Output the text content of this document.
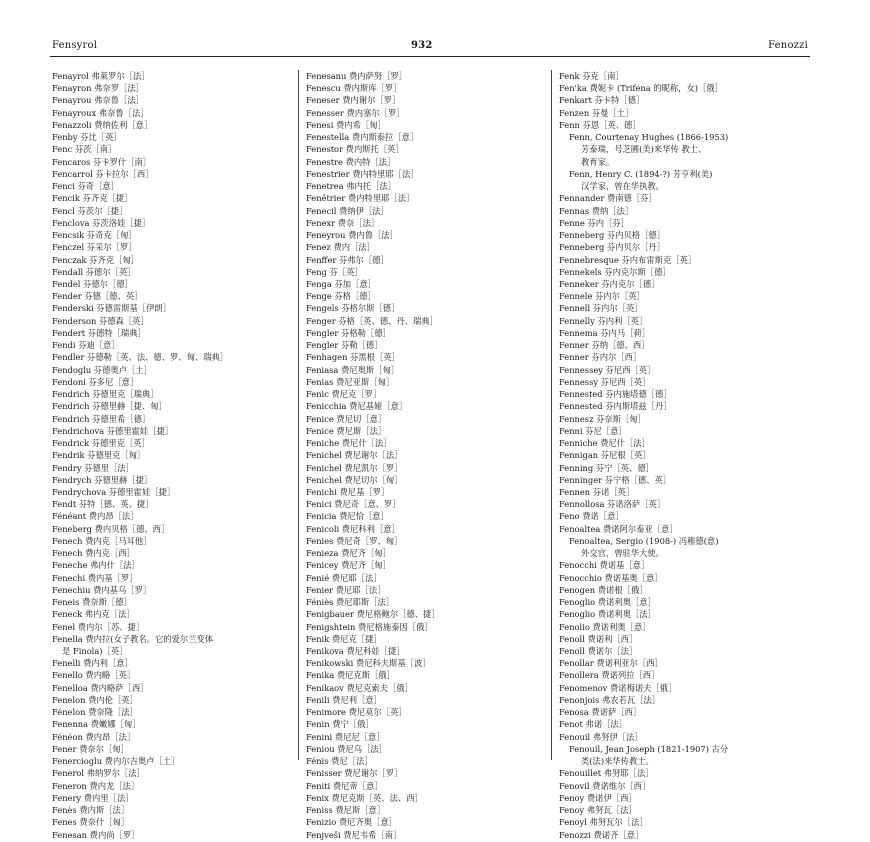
Fensyrol	932	Fenozzi
Fenayrol 弗萊罗尔［法］
Fenayron 弗奈罗［法］
Fenayrou 弗奈鲁［法］
Fenayroux 弗奈鲁［法］
Fenazzoli 费纳佐利［意］
Fenby 芬比［英］
Fenc 芬茨［南］
Fencaros 芬卡罗什［南］
Fencarrol 芬卡拉尔［西］
Fenci 芬奇［意］
Fencik 芬齐克［捷］
Fencl 芬茨尔［捷］
Fenclova 芬茨洛娃［捷］
Fencsik 芬奇克［匈］
Fenczel 芬采尔［罗］
Fenczak 芬齐克［匈］
Fendall 芬德尔［英］
Fendel 芬德尔［德］
Fender 芬德［德、英］
Fenderski 芬德雷斯基［伊朗］
Fenderson 芬德森［英］
Fendert 芬德特［瑞典］
Fendi 芬迪［意］
Fendler 芬德勒［英、法、德、罗、匈、瑞典］
Fendoglu 芬德奥卢［土］
Fendoni 芬多尼［意］
Fendrich 芬德里克［瑞典］
Fendrich 芬德里赫［捷、匈］
Fendrich 芬德里希［德］
Fendrichova 芬德里霍娃［捷］
Fendrick 芬德里克［英］
Fendrik 芬德里克［匈］
Fendry 芬德里［法］
Fendrych 芬德里赫［捷］
Fendrychova 芬德里霍娃［捷］
Fendt 芬特［德、英、捷］
Fénéant 费内昂［法］
Feneberg 费内贝格［德、西］
Fenech 费内克［马耳他］
Fenech 费内克［西］
Fenechе 弗内什［法］
Fenechi 费内基［罗］
Fenechiu 费内基乌［罗］
Feneis 费奈斯［德］
Feneck 弗内克［法］
Fenel 费内尔［苏、捷］
Fenella 费内拉(女子教名。它的爱尔兰变体
是 Finola)［英］
Fenelli 费内利［意］
Fenello 费内略［英］
Fenelloa 费内略萨［西］
Fenelon 费内伦［英］
Fénelon 费奈隆［法］
Fenenna 费嫩娜［匈］
Fénéon 费内昂［法］
Fener 费奈尔［匈］
Fenercioglu 费内尔吉奥卢［土］
Fenerol 弗纳罗尔［法］
Feneron 费内龙［法］
Fenery 费内里［法］
Fenès 费内斯［法］
Fenes 费奈什［匈］
Fenesan 费内尚［罗］
Fenesanu 费内萨努［罗］
Fenescu 费内斯库［罗］
Feneser 费内谢尔［罗］
Fenesser 费内塞尔［罗］
Fenesi 费内希［匈］
Fenestella 费内斯泰拉［意］
Fenestor 费内斯托［英］
Fenestre 费内特［法］
Fenestrier 费内特里耶［法］
Fenetrea 弗内托［法］
Fenêtrier 费内特里耶［法］
Fenecil 费纳伊［法］
Fenexr 费奈［法］
Feneyrou 费内鲁［法］
Fenez 费内［法］
Fenffer 芬弗尔［德］
Feng 芬［英］
Fenga 芬加［意］
Fenge 芬格［德］
Fengels 芬格尔斯［德］
Fenger 芬格［英、德、丹、瑞典］
Fengler 芬格勒［德］
Fengler 芬勒［德］
Fenhagen 芬黑根［英］
Feniasa 费尼奥斯［匈］
Fenias 费尼亚斯［匈］
Fenic 费尼克［罗］
Fenicchia 费尼基娅［意］
Fenice 费尼切［意］
Fenice 费尼斯［法］
Feniche 费尼什［法］
Fenichel 费尼谢尔［法］
Fenichel 费尼凯尔［罗］
Fenichel 费尼切尔［匈］
Fenichi 费尼基［罗］
Fenici 费尼奇［意、罗］
Fenicia 费尼恰［意］
Fenicoli 费尼科利［意］
Fenies 费尼奇［罗、匈］
Fenieza 费尼齐［匈］
Fenicey 费尼齐［匈］
Fenié 费尼耶［法］
Fenier 费尼耶［法］
Féniès 费尼耶斯［法］
Fenigbauer 费尼格鲍尔［德、捷］
Fenigshtein 费尼格施泰因［俄］
Fenik 费尼克［捷］
Fenikova 费尼科娃［捷］
Fenikowski 费尼科夫斯基［波］
Fenika 费尼克斯［俄］
Fenikaov 费尼克索夫［俄］
Fenili 费尼利［意］
Fenimore 费尼莫尔［英］
Fenin 费宁［俄］
Fenini 费尼尼［意］
Feniou 费尼乌［法］
Fénis 费尼［法］
Fenisser 费尼谢尔［罗］
Feniti 费尼蒂［意］
Fenix 费尼克斯［英、法、西］
Feniss 费尼斯［意］
Fenizio 费尼齐奥［意］
Fenjveši 费尼韦希［南］
Fenk 芬克［南］
Fen'ka 费妮卡 (Trifena 的昵称，女)［俄］
Fenkart 芬卡特［德］
Fenzen 芬曼［土］
Fenn 芬恩［英、德］
Fenn, Courtenay Hughes (1866-1953)
芳泰瑞，号芝圃(美)来华传 教士、
教育家。
Fenn, Henry C. (1894-?) 芳亨利(美)
汉学家，曾在华执教。
Fennander 费南德［芬］
Fennas 费纳［法］
Fenne 芬内［芬］
Fenneberg 芬内贝格［德］
Fenneberg 芬内贝尔［丹］
Fennebresque 芬内布雷斯克［英］
Fennekels 芬内克尔斯［德］
Fenneker 芬内克尔［德］
Fennele 芬内尔［英］
Fennell 芬内尔［英］
Fennelly 芬内利［英］
Fennema 芬内马［荷］
Fenner 芬纳［德、西］
Fenner 芬内尔［西］
Fennessey 芬尼西［英］
Fennessy 芬尼西［英］
Fennested 芬内施塔德［德］
Fennested 芬内斯塔兹［丹］
Fennesz 芬奈斯［匈］
Fenni 芬尼［意］
Fenniche 费尼什［法］
Fennigan 芬尼根［英］
Fenning 芬宁［英、德］
Fenninger 芬宁格［德、英］
Fennen 芬诺［英］
Fennollosa 芬诺洛萨［英］
Feno 费诺［意］
Fenoaltea 费诺阿尔泰亚［意］
Fenoaltea, Sergio (1908-) 冯稚德(意)
外交官，曾驻华大使。
Fenocchi 费诺基［意］
Fenocchio 费诺基奥［意］
Fenogen 费诺根［俄］
Fenoglio 费诺利奥［意］
Fenoglio 费诺利奥［法］
Fenolio 费诺利奥［意］
Fenoll 费诺利［西］
Fenoll 费诺尔［法］
Fenollar 费诺利亚尔［西］
Fenollera 费诺列拉［西］
Fenomenov 费诺梅诺夫［俄］
Fenonjois 弗农若瓦［法］
Fenosa 费诺萨［西］
Fenot 弗诺［法］
Fenouil 弗努伊［法］
Fenouil, Jean Joseph (1821-1907) 古分
类(法)来华传教士。
Fenouillet 弗努耶［法］
Fenovil 费诺维尔［西］
Fenoy 费诺伊［西］
Fenoy 弗努瓦［法］
Fenoyl 弗努瓦尔［法］
Fenozzi 费诺齐［意］
